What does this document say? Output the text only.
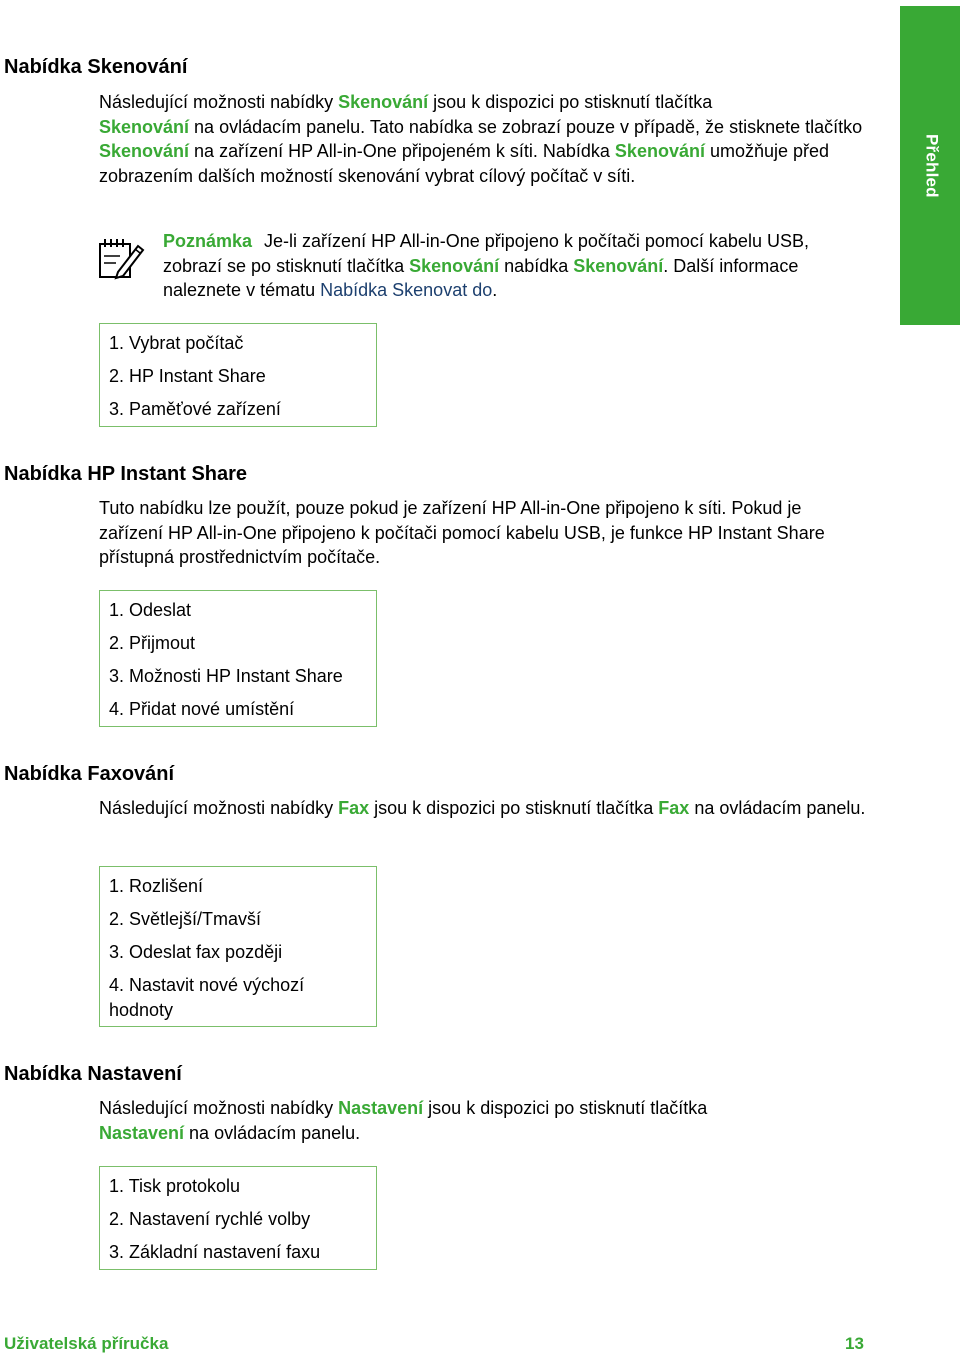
Přehled
Nabídka Skenování

Následující možnosti nabídky Skenování jsou k dispozici po stisknutí tlačítka
Skenování na ovládacím panelu. Tato nabídka se zobrazí pouze v případě, že stisknete tlačítko Skenování na zařízení HP All-in-One připojeném k síti. Nabídka Skenování umožňuje před zobrazením dalších možností skenování vybrat cílový počítač v síti.

Poznámka Je-li zařízení HP All-in-One připojeno k počítači pomocí kabelu USB, zobrazí se po stisknutí tlačítka Skenování nabídka Skenování. Další informace naleznete v tématu Nabídka Skenovat do.

1. Vybrat počítač
2. HP Instant Share
3. Paměťové zařízení
Nabídka HP Instant Share

Tuto nabídku lze použít, pouze pokud je zařízení HP All-in-One připojeno k síti. Pokud je zařízení HP All-in-One připojeno k počítači pomocí kabelu USB, je funkce HP Instant Share přístupná prostřednictvím počítače.

1. Odeslat
2. Přijmout
3. Možnosti HP Instant Share
4. Přidat nové umístění
Nabídka Faxování

Následující možnosti nabídky Fax jsou k dispozici po stisknutí tlačítka Fax na ovládacím panelu.

1. Rozlišení
2. Světlejší/Tmavší
3. Odeslat fax později
4. Nastavit nové výchozí hodnoty
Nabídka Nastavení

Následující možnosti nabídky Nastavení jsou k dispozici po stisknutí tlačítka
Nastavení na ovládacím panelu.

1. Tisk protokolu
2. Nastavení rychlé volby
3. Základní nastavení faxu
Uživatelská příručka	13
